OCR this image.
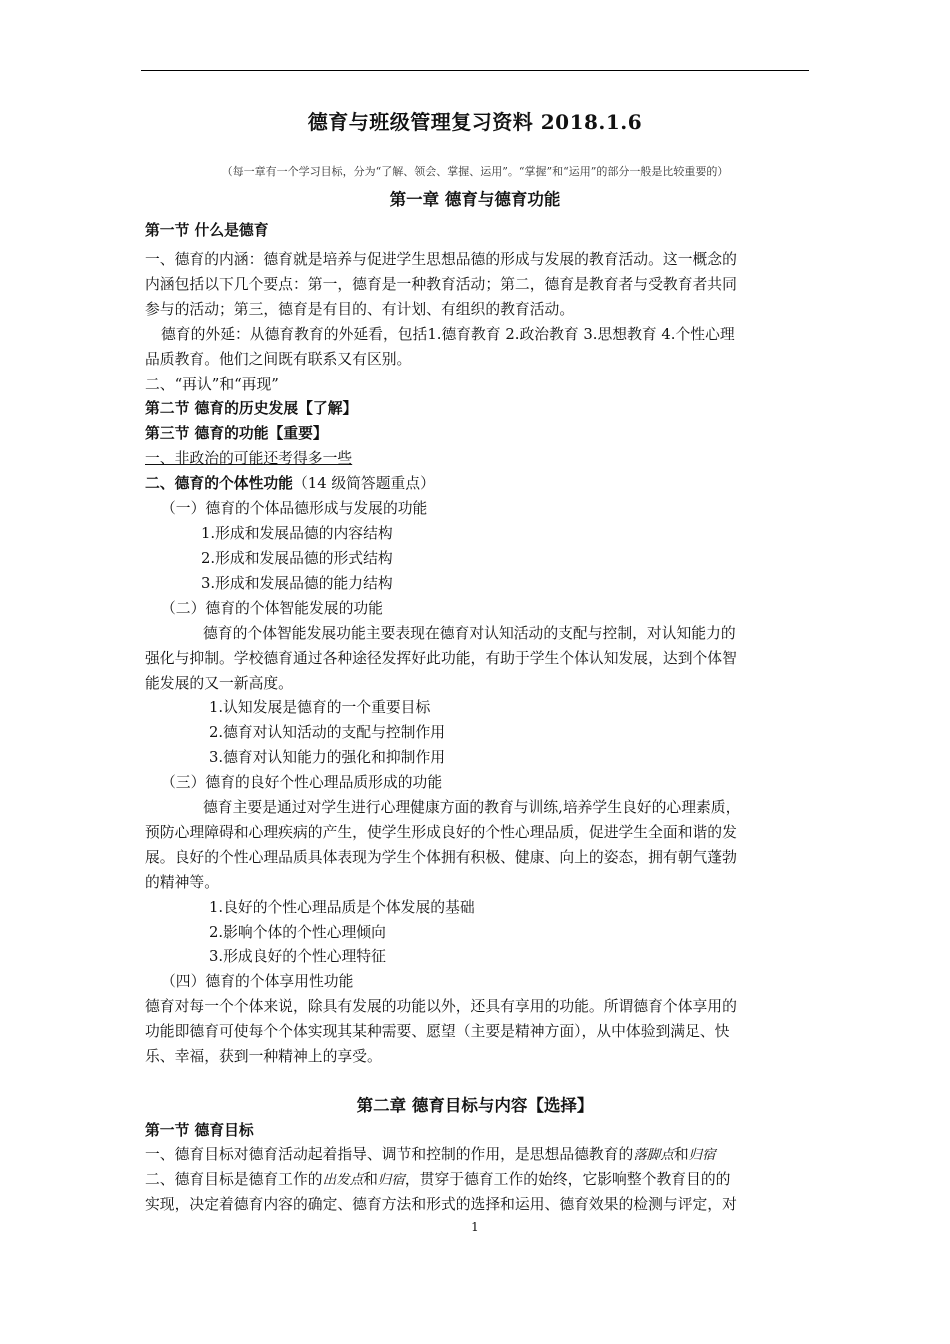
德育与班级管理复习资料 2018.1.6
（每一章有一个学习目标，分为“了解、领会、掌握、运用”。“掌握”和“运用”的部分一般是比较重要的）
第一章 德育与德育功能
第一节 什么是德育
一、德育的内涵：德育就是培养与促进学生思想品德的形成与发展的教育活动。这一概念的
内涵包括以下几个要点：第一，德育是一种教育活动；第二，德育是教育者与受教育者共同
参与的活动；第三，德育是有目的、有计划、有组织的教育活动。
德育的外延：从德育教育的外延看，包括1.德育教育 2.政治教育 3.思想教育 4.个性心理
品质教育。他们之间既有联系又有区别。
二、“再认”和“再现”
第二节 德育的历史发展【了解】
第三节 德育的功能【重要】
一、非政治的可能还考得多一些
二、德育的个体性功能（14 级简答题重点）
（一）德育的个体品德形成与发展的功能
1.形成和发展品德的内容结构
2.形成和发展品德的形式结构
3.形成和发展品德的能力结构
（二）德育的个体智能发展的功能
德育的个体智能发展功能主要表现在德育对认知活动的支配与控制，对认知能力的
强化与抑制。学校德育通过各种途径发挥好此功能，有助于学生个体认知发展，达到个体智
能发展的又一新高度。
1.认知发展是德育的一个重要目标
2.德育对认知活动的支配与控制作用
3.德育对认知能力的强化和抑制作用
（三）德育的良好个性心理品质形成的功能
德育主要是通过对学生进行心理健康方面的教育与训练,培养学生良好的心理素质，
预防心理障碍和心理疾病的产生，使学生形成良好的个性心理品质，促进学生全面和谐的发
展。良好的个性心理品质具体表现为学生个体拥有积极、健康、向上的姿态，拥有朝气蓬勃
的精神等。
1.良好的个性心理品质是个体发展的基础
2.影响个体的个性心理倾向
3.形成良好的个性心理特征
（四）德育的个体享用性功能
德育对每一个个体来说，除具有发展的功能以外，还具有享用的功能。所谓德育个体享用的
功能即德育可使每个个体实现其某种需要、愿望（主要是精神方面），从中体验到满足、快
乐、幸福，获到一种精神上的享受。
第二章 德育目标与内容【选择】
第一节 德育目标
一、德育目标对德育活动起着指导、调节和控制的作用，是思想品德教育的落脚点和归宿
二、德育目标是德育工作的出发点和归宿，贯穿于德育工作的始终，它影响整个教育目的的
实现，决定着德育内容的确定、德育方法和形式的选择和运用、德育效果的检测与评定，对
1
